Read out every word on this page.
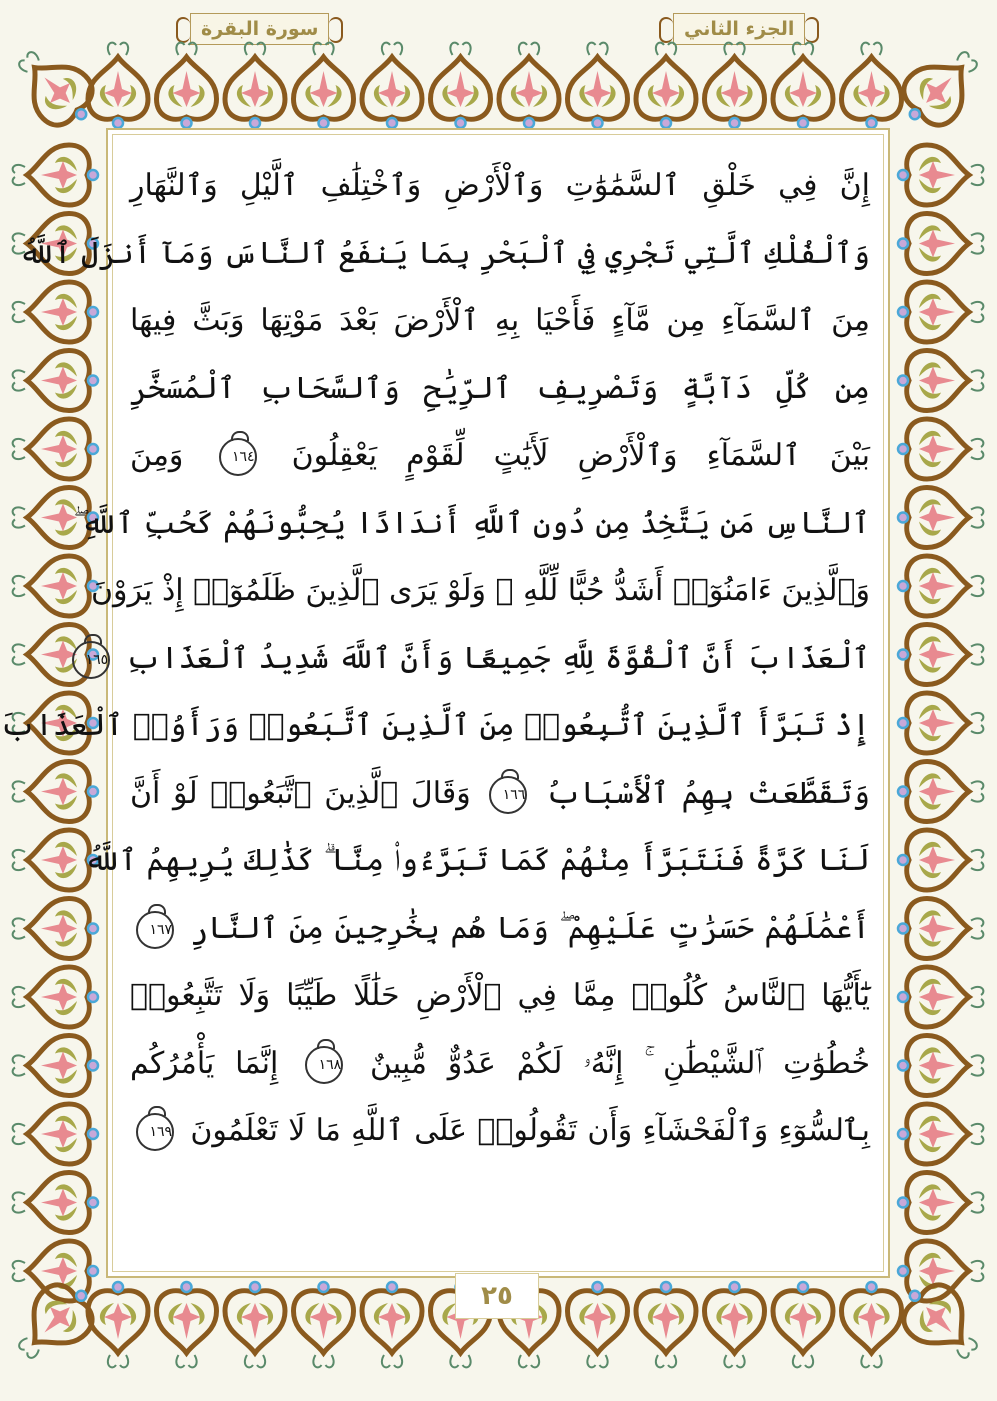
سورة البقرة	الجزء الثاني
إِنَّ فِي خَلْقِ ٱلسَّمَٰوَٰتِ وَٱلْأَرْضِ وَٱخْتِلَٰفِ ٱلَّيْلِ وَٱلنَّهَارِ
وَٱلْفُلْكِ ٱلَّتِي تَجْرِي فِي ٱلْبَحْرِ بِمَا يَنفَعُ ٱلنَّاسَ وَمَآ أَنزَلَ ٱللَّهُ
مِنَ ٱلسَّمَآءِ مِن مَّآءٍ فَأَحْيَا بِهِ ٱلْأَرْضَ بَعْدَ مَوْتِهَا وَبَثَّ فِيهَا
مِن كُلِّ دَآبَّةٍ وَتَصْرِيفِ ٱلرِّيَٰحِ وَٱلسَّحَابِ ٱلْمُسَخَّرِ
بَيْنَ ٱلسَّمَآءِ وَٱلْأَرْضِ لَأَيَٰتٍ لِّقَوْمٍ يَعْقِلُونَ ١٦٤ وَمِنَ
ٱلنَّاسِ مَن يَتَّخِذُ مِن دُونِ ٱللَّهِ أَندَادًا يُحِبُّونَهُمْ كَحُبِّ ٱللَّهِ ۖ
وَٱلَّذِينَ ءَامَنُوٓا۟ أَشَدُّ حُبًّا لِّلَّهِ ۗ وَلَوْ يَرَى ٱلَّذِينَ ظَلَمُوٓا۟ إِذْ يَرَوْنَ
ٱلْعَذَابَ أَنَّ ٱلْقُوَّةَ لِلَّهِ جَمِيعًا وَأَنَّ ٱللَّهَ شَدِيدُ ٱلْعَذَابِ ١٦٥
إِذْ تَبَرَّأَ ٱلَّذِينَ ٱتُّبِعُوا۟ مِنَ ٱلَّذِينَ ٱتَّبَعُوا۟ وَرَأَوُا۟ ٱلْعَذَابَ
وَتَقَطَّعَتْ بِهِمُ ٱلْأَسْبَابُ ١٦٦ وَقَالَ ٱلَّذِينَ ٱتَّبَعُوا۟ لَوْ أَنَّ
لَنَا كَرَّةً فَنَتَبَرَّأَ مِنْهُمْ كَمَا تَبَرَّءُوا۟ مِنَّا ۗ كَذَٰلِكَ يُرِيهِمُ ٱللَّهُ
أَعْمَٰلَهُمْ حَسَرَٰتٍ عَلَيْهِمْ ۖ وَمَا هُم بِخَٰرِجِينَ مِنَ ٱلنَّارِ ١٦٧
يَٰٓأَيُّهَا ٱلنَّاسُ كُلُوا۟ مِمَّا فِي ٱلْأَرْضِ حَلَٰلًا طَيِّبًا وَلَا تَتَّبِعُوا۟
خُطُوَٰتِ ٱلشَّيْطَٰنِ ۚ إِنَّهُۥ لَكُمْ عَدُوٌّ مُّبِينٌ ١٦٨ إِنَّمَا يَأْمُرُكُم
بِٱلسُّوٓءِ وَٱلْفَحْشَآءِ وَأَن تَقُولُوا۟ عَلَى ٱللَّهِ مَا لَا تَعْلَمُونَ ١٦٩
٢٥
